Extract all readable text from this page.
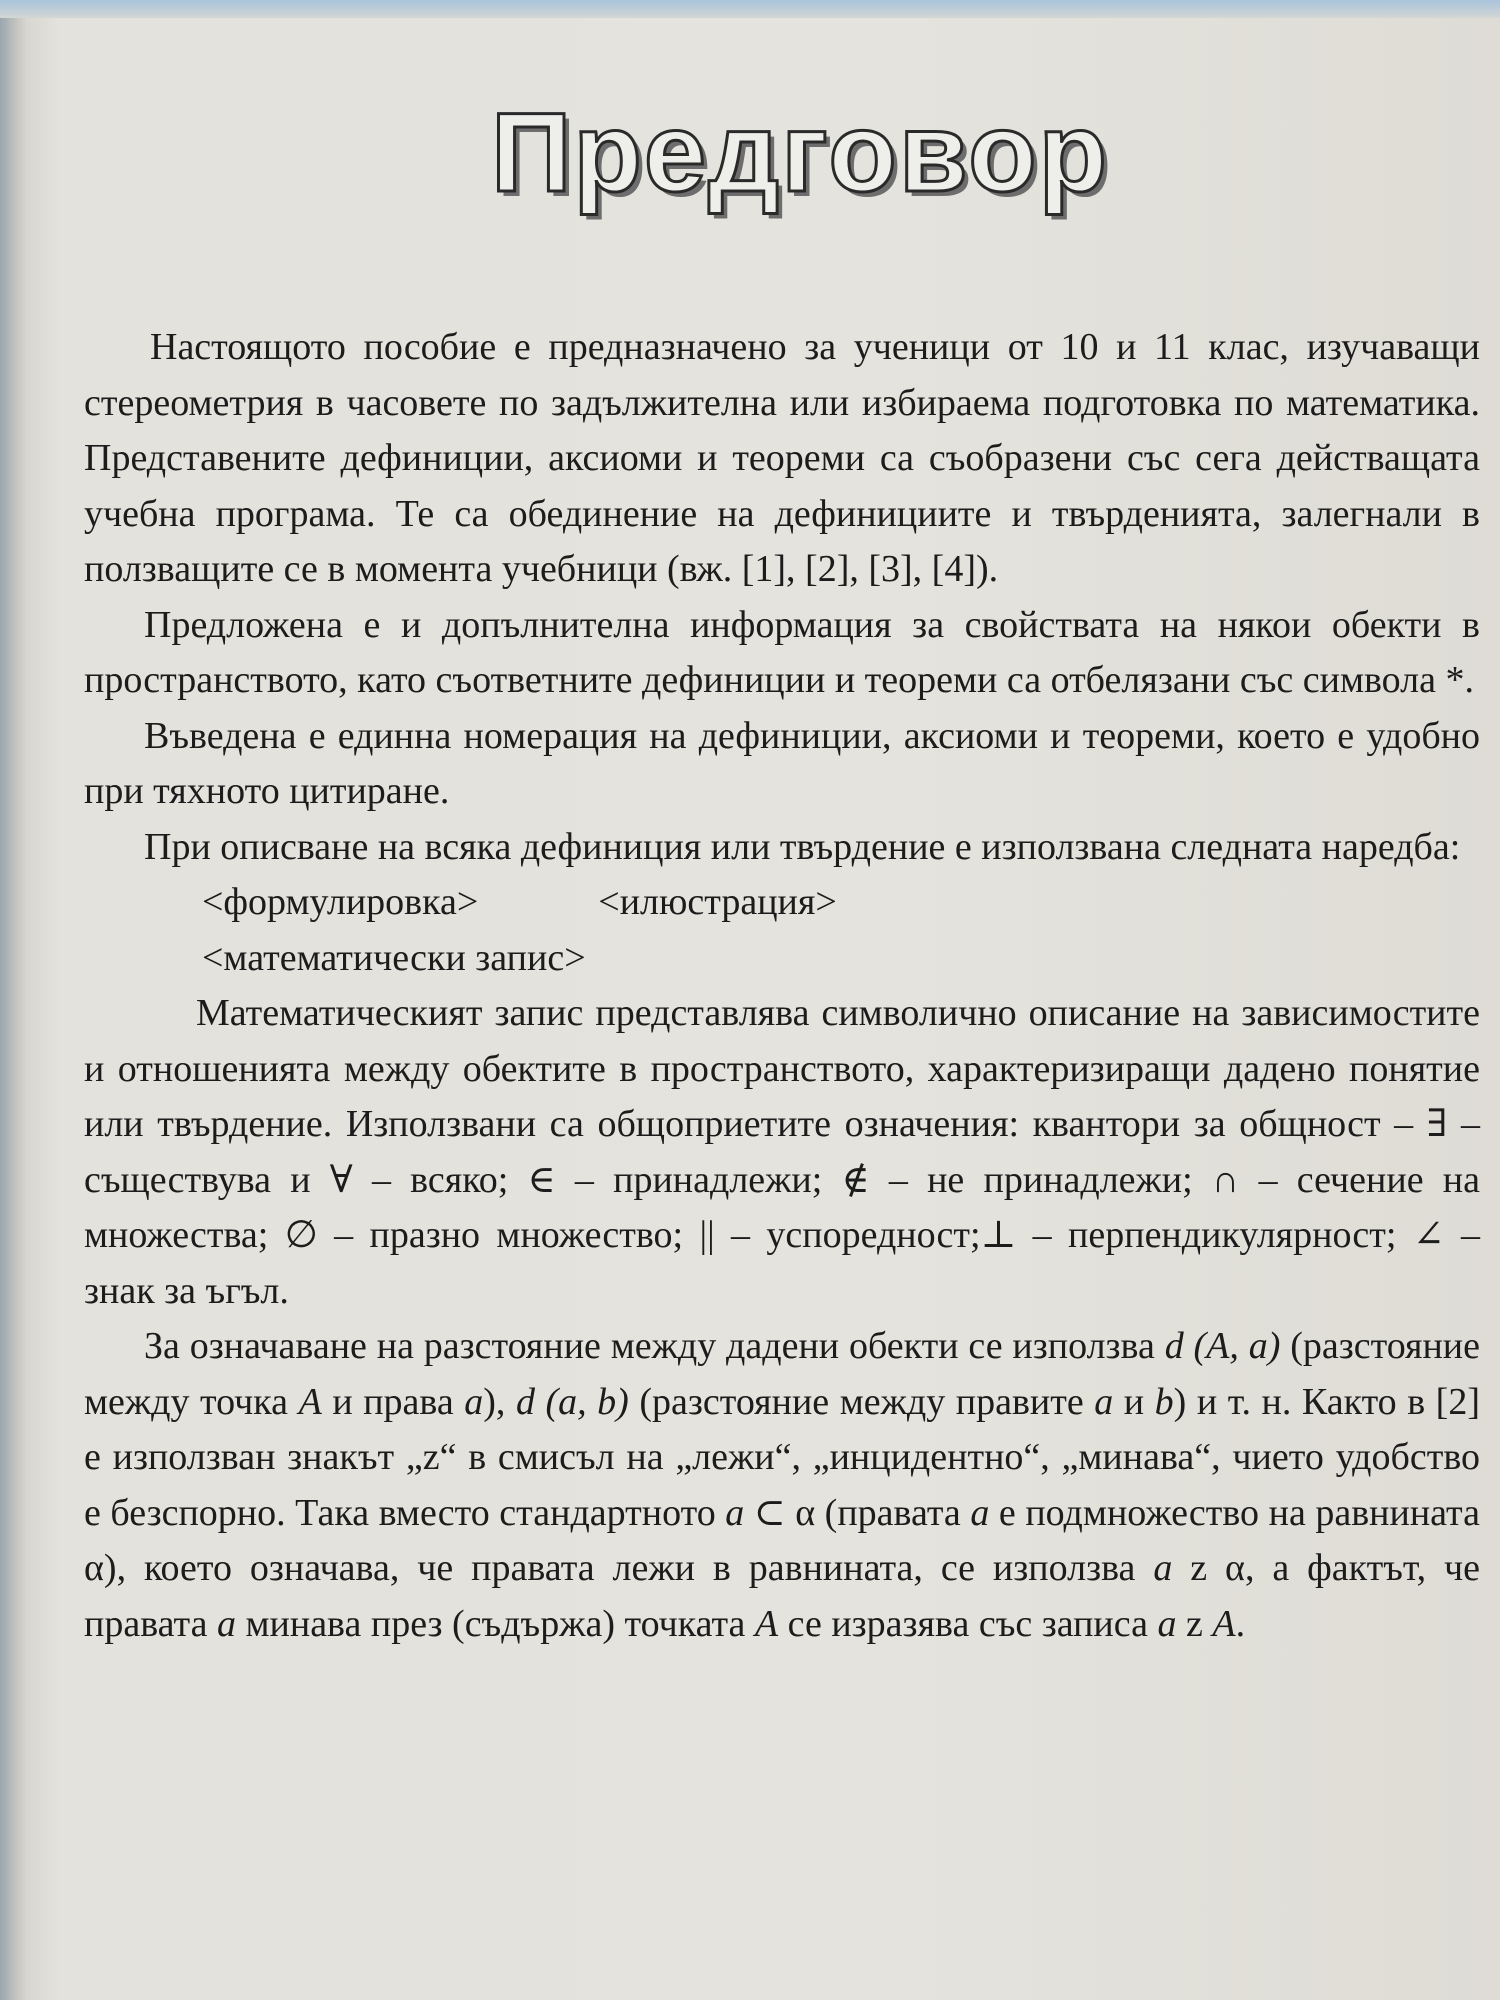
Предговор

Настоящото пособие е предназначено за ученици от 10 и 11 клас, изучаващи стереометрия в часовете по задължителна или избираема подготовка по математика. Представените дефиниции, аксиоми и теореми са съобразени със сега действащата учебна програма. Те са обединение на дефинициите и твърденията, залегнали в ползващите се в момента учебници (вж. [1], [2], [3], [4]).

Предложена е и допълнителна информация за свойствата на някои обекти в пространството, като съответните дефиниции и теореми са отбелязани със символа *.

Въведена е единна номерация на дефиниции, аксиоми и теореми, което е удобно при тяхното цитиране.

При описване на всяка дефиниция или твърдение е използвана следната наредба:

<формулировка>	<илюстрация>

<математически запис>

Математическият запис представлява символично описание на зависимостите и отношенията между обектите в пространството, характеризиращи дадено понятие или твърдение. Използвани са общоприетите означения: квантори за общност – ∃ – съществува и ∀ – всяко; ∈ – принадлежи; ∉ – не принадлежи; ∩ – сечение на множества; ∅ – празно множество; || – успоредност;⊥ – перпендикулярност; ∠ – знак за ъгъл.

За означаване на разстояние между дадени обекти се използва d (A, a) (разстояние между точка A и права a), d (a, b) (разстояние между правите a и b) и т. н. Както в [2] е използван знакът „z“ в смисъл на „лежи“, „инцидентно“, „минава“, чието удобство е безспорно. Така вместо стандартното a ⊂ α (правата a е подмножество на равнината α), което означава, че правата лежи в равнината, се използва a z α, а фактът, че правата a минава през (съдържа) точката A се изразява със записа a z A.
